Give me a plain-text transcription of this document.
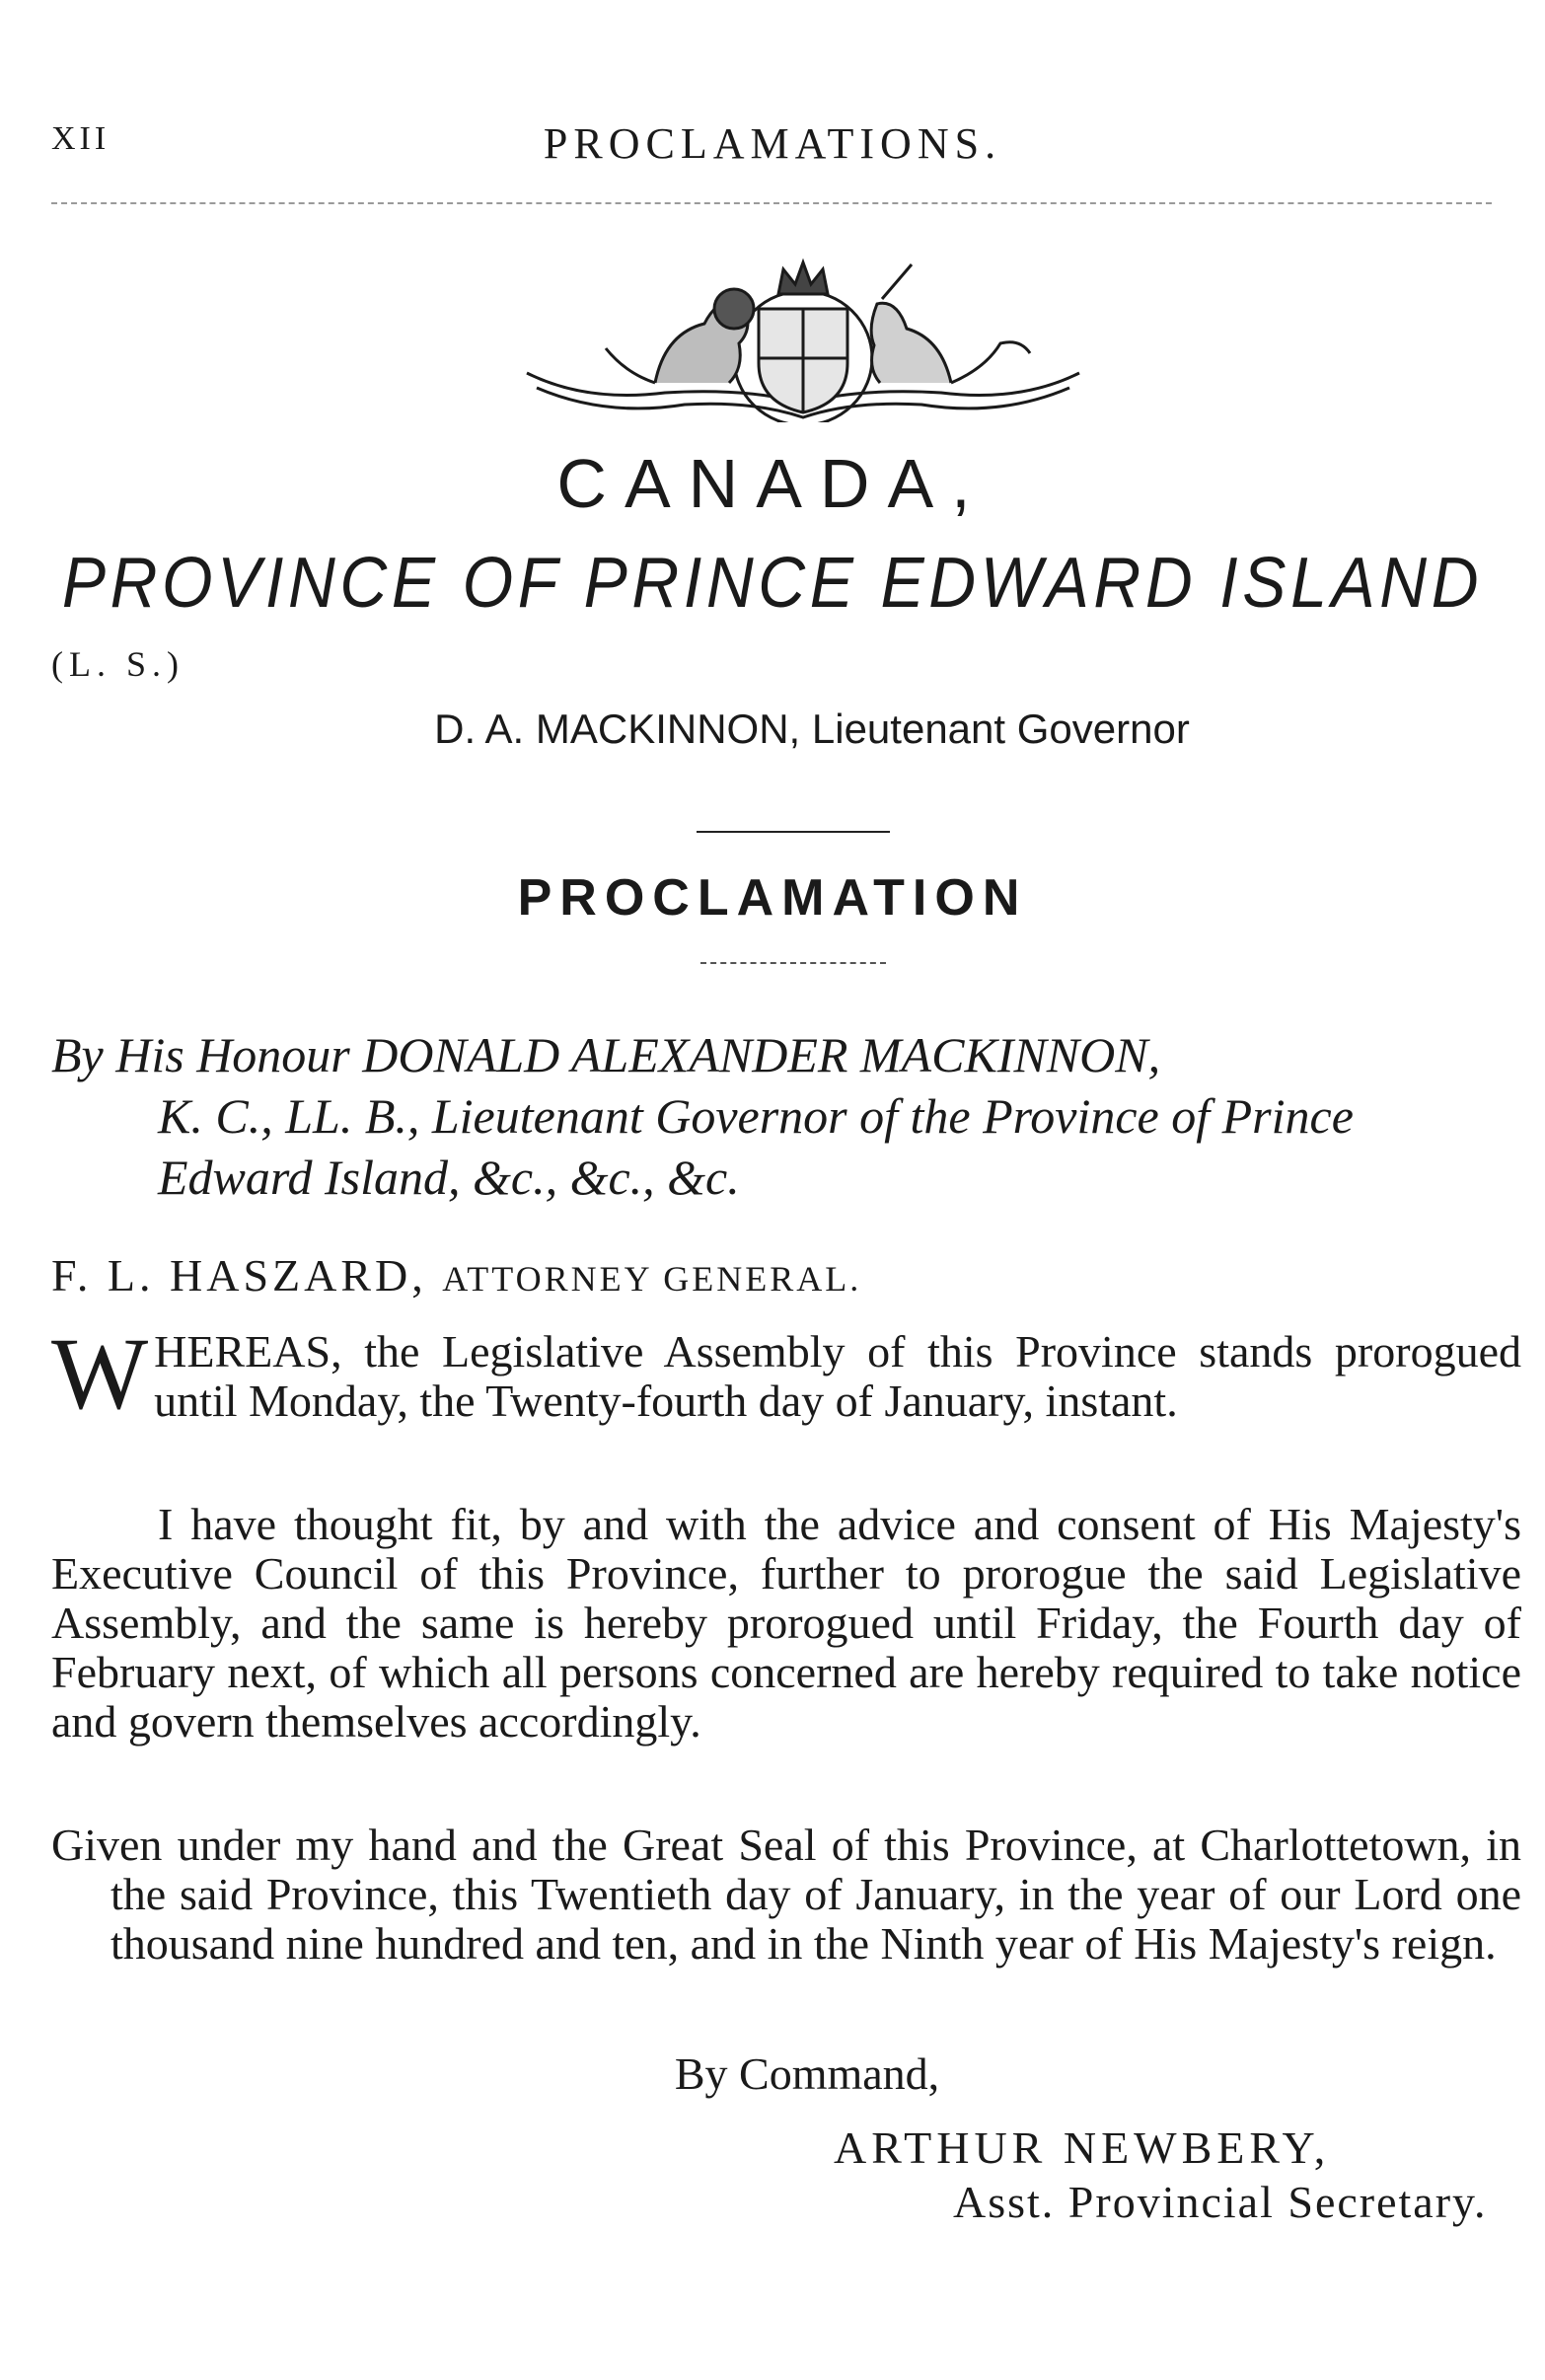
XII	PROCLAMATIONS.
CANADA,
PROVINCE OF PRINCE EDWARD ISLAND
(L. S.)
D. A. MACKINNON, Lieutenant Governor
PROCLAMATION
By His Honour DONALD ALEXANDER MACKINNON,
K. C., LL. B., Lieutenant Governor of the Province of Prince
Edward Island, &c., &c., &c.
F. L. HASZARD, ATTORNEY GENERAL.
WHEREAS, the Legislative Assembly of this Province stands prorogued until Monday, the Twenty-fourth day of January, instant.
I have thought fit, by and with the advice and consent of His Majesty's Executive Council of this Province, further to prorogue the said Legislative Assembly, and the same is hereby prorogued until Friday, the Fourth day of February next, of which all persons concerned are hereby required to take notice and govern themselves accordingly.
Given under my hand and the Great Seal of this Province, at Charlottetown, in the said Province, this Twentieth day of January, in the year of our Lord one thousand nine hundred and ten, and in the Ninth year of His Majesty's reign.
By Command,
ARTHUR NEWBERY,
Asst. Provincial Secretary.
